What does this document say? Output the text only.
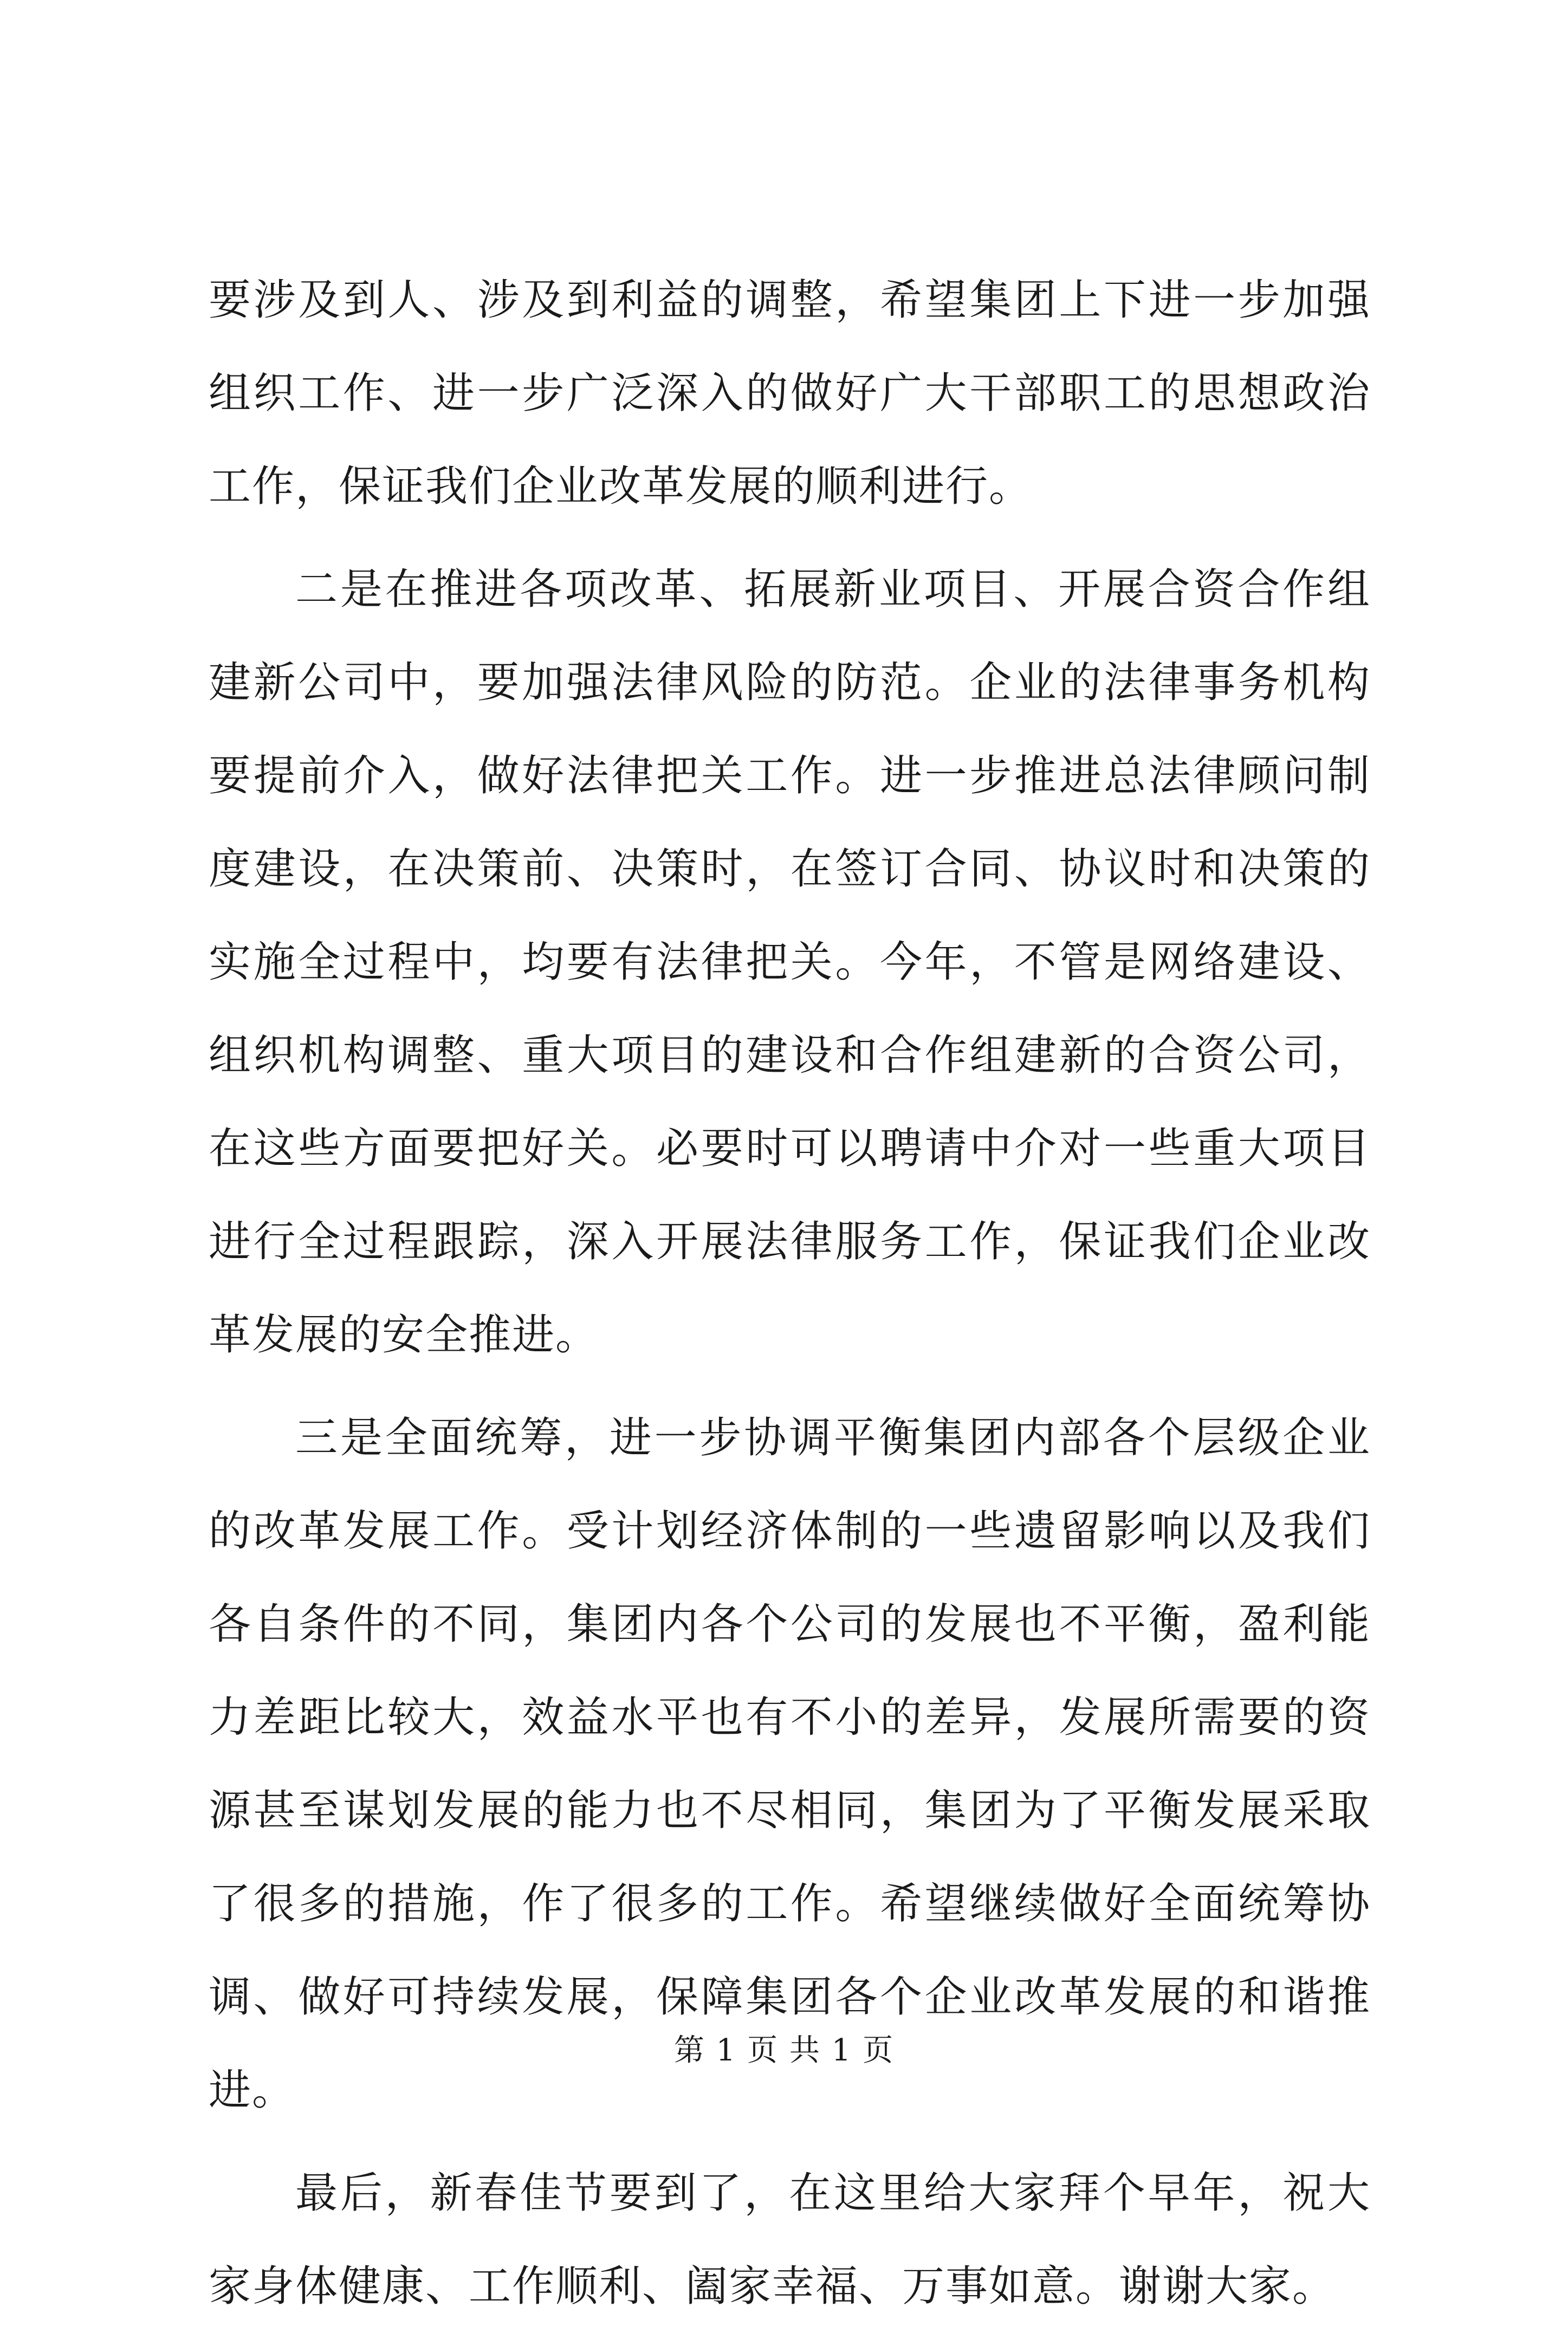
要涉及到人、涉及到利益的调整，希望集团上下进一步加强组织工作、进一步广泛深入的做好广大干部职工的思想政治工作，保证我们企业改革发展的顺利进行。

二是在推进各项改革、拓展新业项目、开展合资合作组建新公司中，要加强法律风险的防范。企业的法律事务机构要提前介入，做好法律把关工作。进一步推进总法律顾问制度建设，在决策前、决策时，在签订合同、协议时和决策的实施全过程中，均要有法律把关。今年，不管是网络建设、组织机构调整、重大项目的建设和合作组建新的合资公司，在这些方面要把好关。必要时可以聘请中介对一些重大项目进行全过程跟踪，深入开展法律服务工作，保证我们企业改革发展的安全推进。

三是全面统筹，进一步协调平衡集团内部各个层级企业的改革发展工作。受计划经济体制的一些遗留影响以及我们各自条件的不同，集团内各个公司的发展也不平衡，盈利能力差距比较大，效益水平也有不小的差异，发展所需要的资源甚至谋划发展的能力也不尽相同，集团为了平衡发展采取了很多的措施，作了很多的工作。希望继续做好全面统筹协调、做好可持续发展，保障集团各个企业改革发展的和谐推进。

最后，新春佳节要到了，在这里给大家拜个早年，祝大家身体健康、工作顺利、阖家幸福、万事如意。谢谢大家。

第 1 页 共 1 页
